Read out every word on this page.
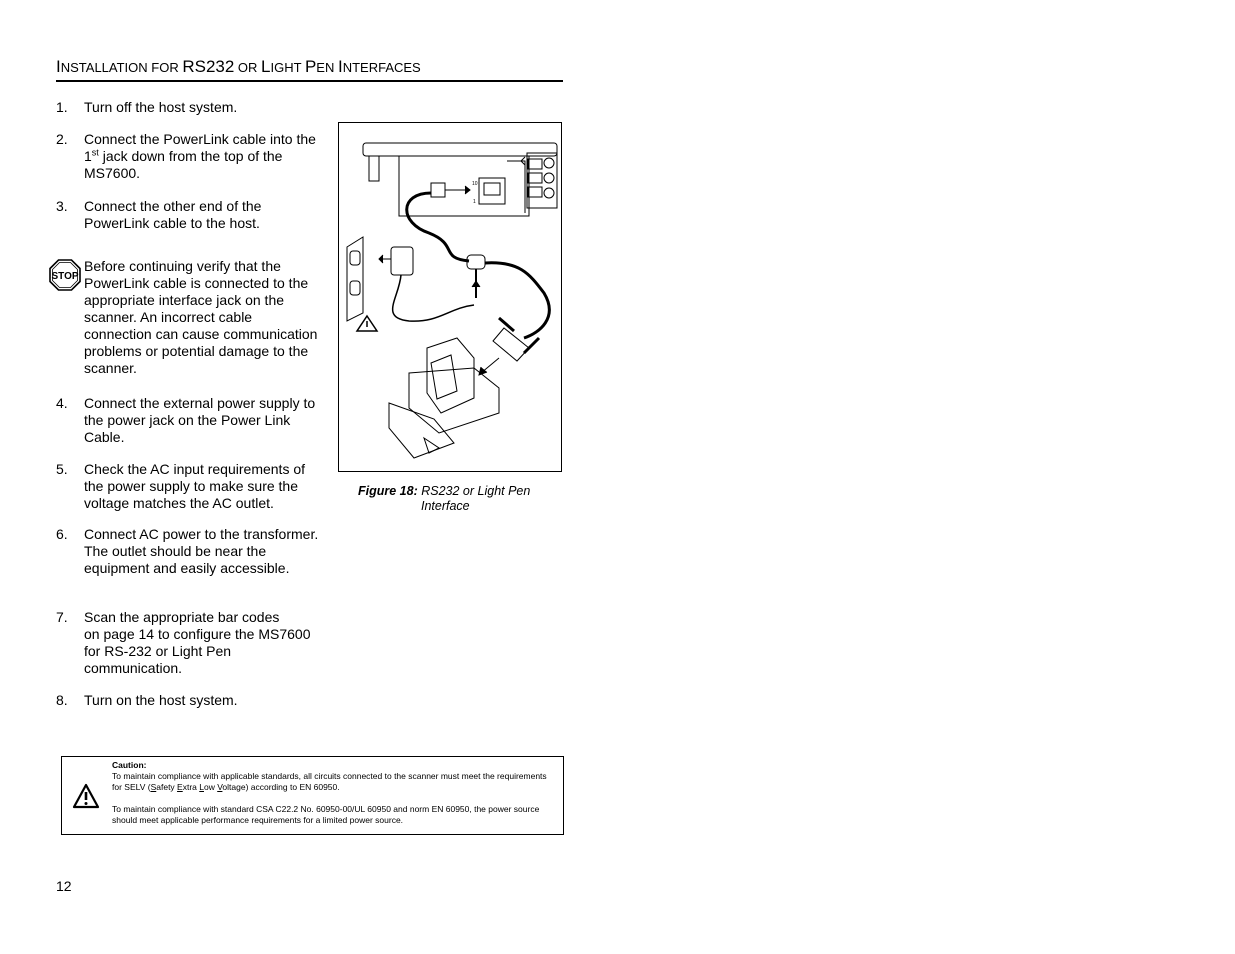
INSTALLATION FOR RS232 OR LIGHT PEN INTERFACES
1. Turn off the host system.
2. Connect the PowerLink cable into the 1st jack down from the top of the MS7600.
3. Connect the other end of the PowerLink cable to the host.
STOP
Before continuing verify that the PowerLink cable is connected to the appropriate interface jack on the scanner. An incorrect cable connection can cause communication problems or potential damage to the scanner.
4. Connect the external power supply to the power jack on the Power Link Cable.
5. Check the AC input requirements of the power supply to make sure the voltage matches the AC outlet.
6. Connect AC power to the transformer. The outlet should be near the equipment and easily accessible.
7. Scan the appropriate bar codes
on page 14 to configure the MS7600 for RS-232 or Light Pen communication.
8. Turn on the host system.
10
1
Figure 18: RS232 or Light Pen
Interface
Caution:
To maintain compliance with applicable standards, all circuits connected to the scanner must meet the requirements for SELV (Safety Extra Low Voltage) according to EN 60950.
To maintain compliance with standard CSA C22.2 No. 60950-00/UL 60950 and norm EN 60950, the power source should meet applicable performance requirements for a limited power source.
12
